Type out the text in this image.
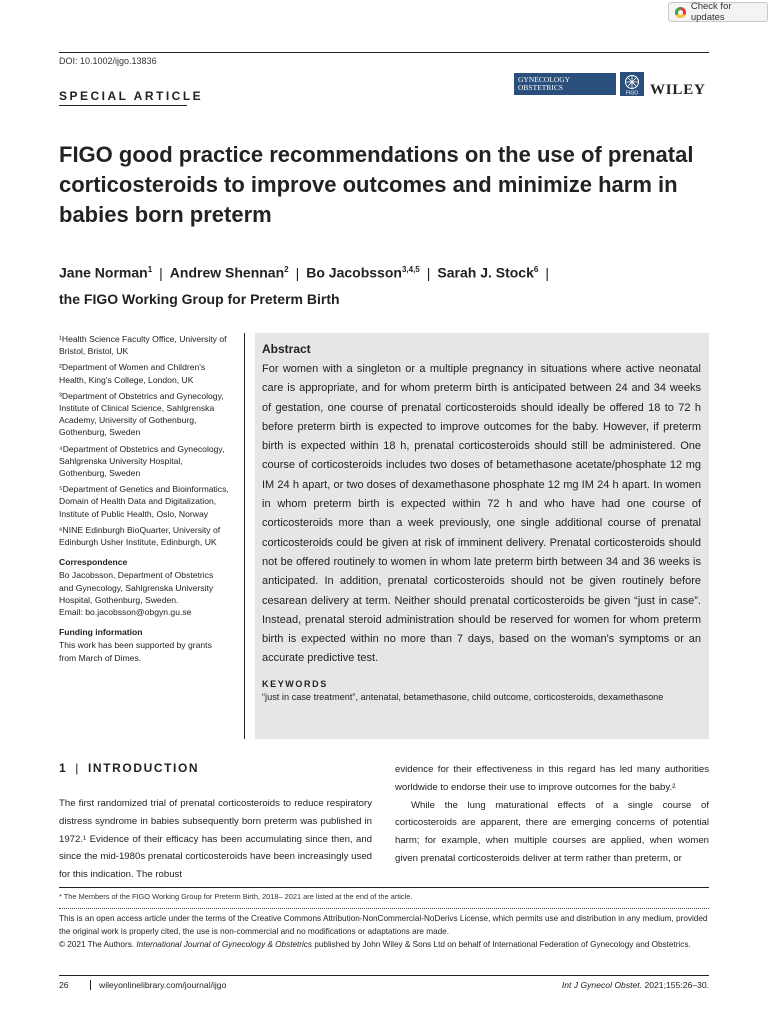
Check for updates
DOI: 10.1002/ijgo.13836
SPECIAL ARTICLE
GYNECOLOGY
OBSTETRICS
FIGO WILEY
FIGO good practice recommendations on the use of prenatal corticosteroids to improve outcomes and minimize harm in babies born preterm
Jane Norman$^1$ | Andrew Shennan$^2$ | Bo Jacobsson$^{3,4,5}$ | Sarah J. Stock$^6$ |
the FIGO Working Group for Preterm Birth
¹Health Science Faculty Office, University of Bristol, Bristol, UK
²Department of Women and Children's Health, King's College, London, UK
³Department of Obstetrics and Gynecology, Institute of Clinical Science, Sahlgrenska Academy, University of Gothenburg, Gothenburg, Sweden
⁴Department of Obstetrics and Gynecology, Sahlgrenska University Hospital, Gothenburg, Sweden
⁵Department of Genetics and Bioinformatics, Domain of Health Data and Digitalization, Institute of Public Health, Oslo, Norway
⁶NINE Edinburgh BioQuarter, University of Edinburgh Usher Institute, Edinburgh, UK
Correspondence
Bo Jacobsson, Department of Obstetrics and Gynecology, Sahlgrenska University Hospital, Gothenburg, Sweden.
Email: bo.jacobsson@obgyn.gu.se
Funding information
This work has been supported by grants from March of Dimes.
Abstract
For women with a singleton or a multiple pregnancy in situations where active neonatal care is appropriate, and for whom preterm birth is anticipated between 24 and 34 weeks of gestation, one course of prenatal corticosteroids should ideally be offered 18 to 72 h before preterm birth is expected to improve outcomes for the baby. However, if preterm birth is expected within 18 h, prenatal corticosteroids should still be administered. One course of corticosteroids includes two doses of betamethasone acetate/phosphate 12 mg IM 24 h apart, or two doses of dexamethasone phosphate 12 mg IM 24 h apart. In women in whom preterm birth is expected within 72 h and who have had one course of corticosteroids more than a week previously, one single additional course of prenatal corticosteroids could be given at risk of imminent delivery. Prenatal corticosteroids should not be offered routinely to women in whom late preterm birth between 34 and 36 weeks is anticipated. In addition, prenatal corticosteroids should not be given routinely before cesarean delivery at term. Neither should prenatal corticosteroids be given “just in case”. Instead, prenatal steroid administration should be reserved for women for whom preterm birth is expected within no more than 7 days, based on the woman's symptoms or an accurate predictive test.
KEYWORDS
“just in case treatment”, antenatal, betamethasone, child outcome, corticosteroids, dexamethasone
1 | INTRODUCTION

The first randomized trial of prenatal corticosteroids to reduce respiratory distress syndrome in babies subsequently born preterm was published in 1972.¹ Evidence of their efficacy has been accumulating since then, and since the mid-1980s prenatal corticosteroids have been increasingly used for this indication. The robust

evidence for their effectiveness in this regard has led many authorities worldwide to endorse their use to improve outcomes for the baby.²

While the lung maturational effects of a single course of corticosteroids are apparent, there are emerging concerns of potential harm; for example, when multiple courses are applied, when women given prenatal corticosteroids deliver at term rather than preterm, or

* The Members of the FIGO Working Group for Preterm Birth, 2018– 2021 are listed at the end of the article.
This is an open access article under the terms of the Creative Commons Attribution-NonCommercial-NoDerivs License, which permits use and distribution in any medium, provided the original work is properly cited, the use is non-commercial and no modifications or adaptations are made.
© 2021 The Authors. International Journal of Gynecology & Obstetrics published by John Wiley & Sons Ltd on behalf of International Federation of Gynecology and Obstetrics.
26	wileyonlinelibrary.com/journal/ijgo	Int J Gynecol Obstet. 2021;155:26–30.
